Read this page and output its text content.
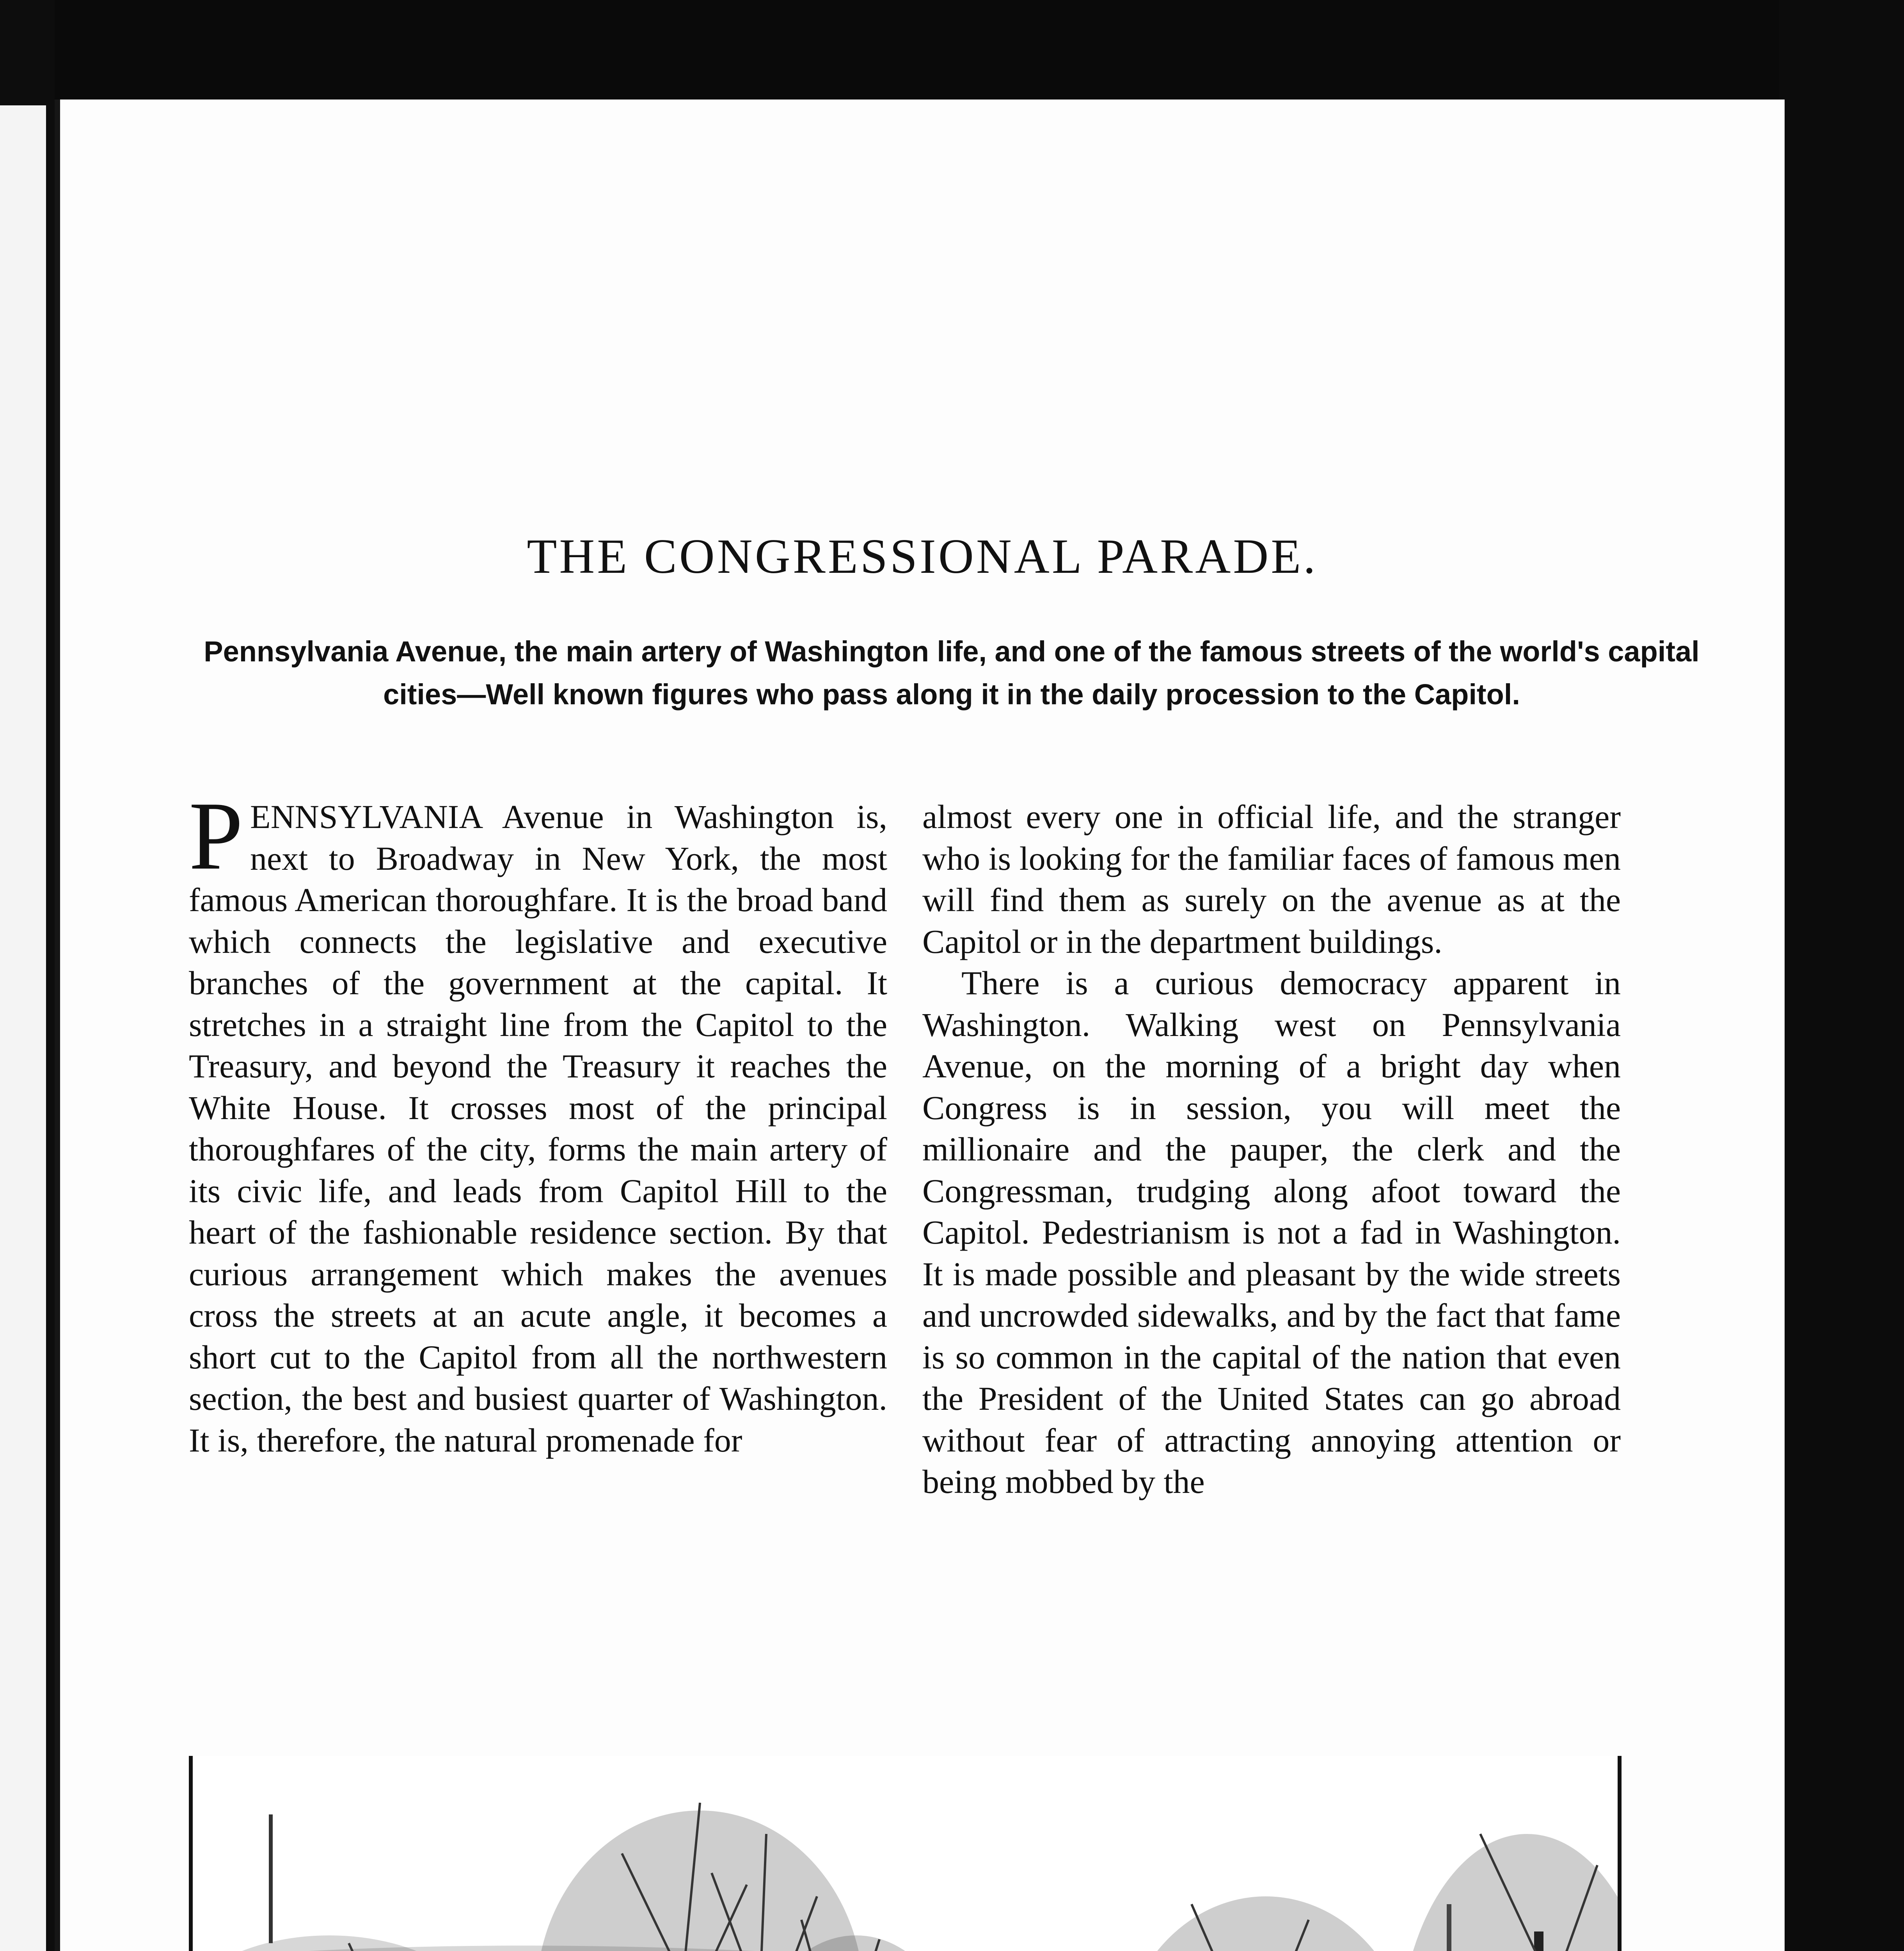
THE CONGRESSIONAL PARADE.
Pennsylvania Avenue, the main artery of Washington life, and one of the famous streets of the world's capital cities—Well known figures who pass along it in the daily procession to the Capitol.

PENNSYLVANIA Avenue in Washington is, next to Broadway in New York, the most famous American thoroughfare. It is the broad band which connects the legislative and executive branches of the government at the capital. It stretches in a straight line from the Capitol to the Treasury, and beyond the Treasury it reaches the White House. It crosses most of the principal thoroughfares of the city, forms the main artery of its civic life, and leads from Capitol Hill to the heart of the fashionable residence section. By that curious arrangement which makes the avenues cross the streets at an acute angle, it becomes a short cut to the Capitol from all the northwestern section, the best and busiest quarter of Washington. It is, therefore, the natural promenade for

almost every one in official life, and the stranger who is looking for the familiar faces of famous men will find them as surely on the avenue as at the Capitol or in the department buildings.

There is a curious democracy apparent in Washington. Walking west on Pennsylvania Avenue, on the morning of a bright day when Congress is in session, you will meet the millionaire and the pauper, the clerk and the Congressman, trudging along afoot toward the Capitol. Pedestrianism is not a fad in Washington. It is made possible and pleasant by the wide streets and uncrowded sidewalks, and by the fact that fame is so common in the capital of the nation that even the President of the United States can go abroad without fear of attracting annoying attention or being mobbed by the
